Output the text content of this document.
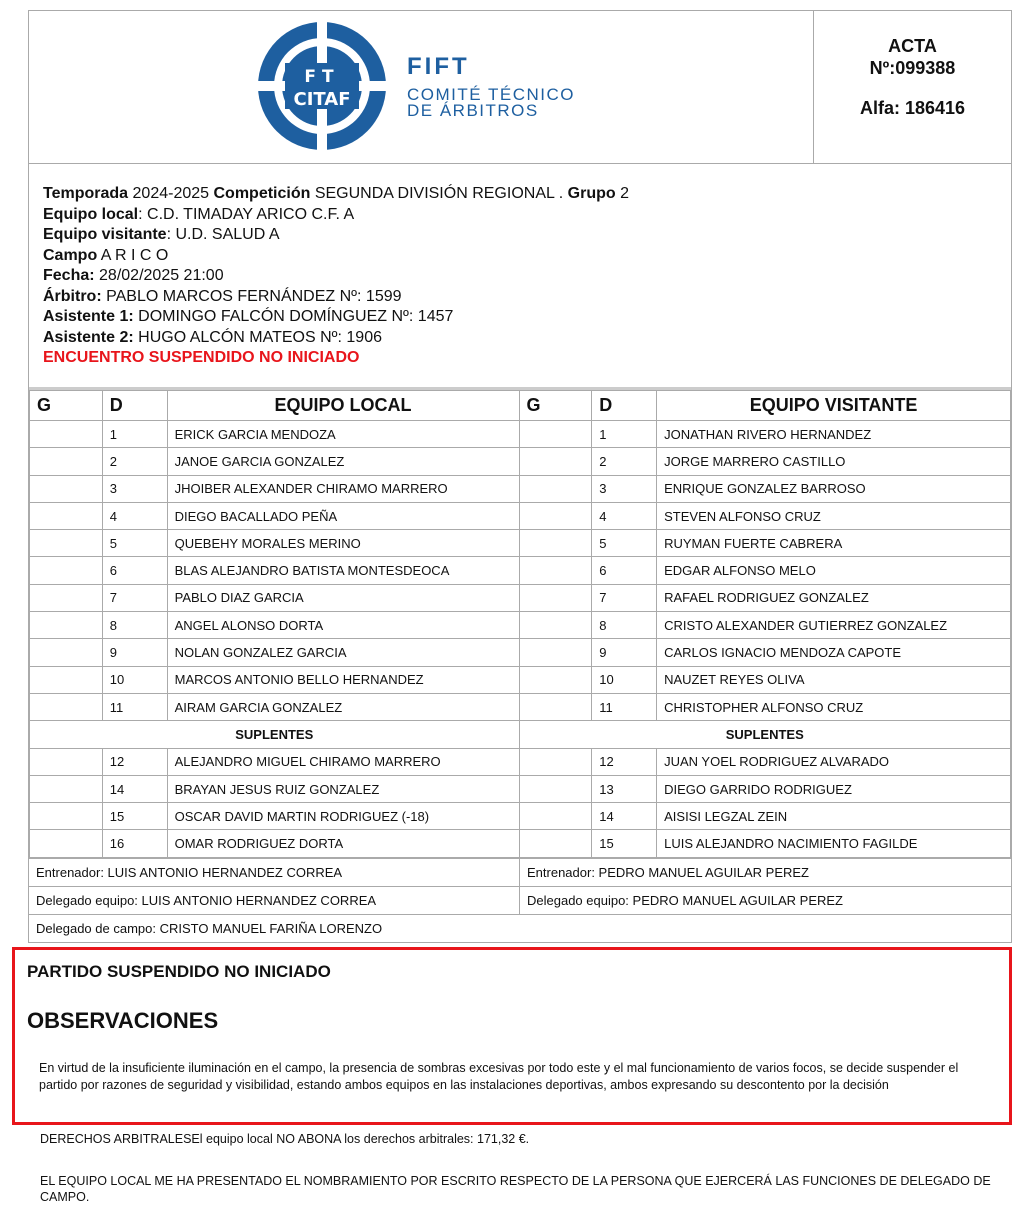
FT
CITAF
FIFT
COMITÉ TÉCNICO
DE ÁRBITROS
ACTA
Nº:099388
Alfa: 186416
Temporada 2024-2025 Competición SEGUNDA DIVISIÓN REGIONAL . Grupo 2
Equipo local: C.D. TIMADAY ARICO C.F. A
Equipo visitante: U.D. SALUD A
Campo A R I C O
Fecha: 28/02/2025 21:00
Árbitro: PABLO MARCOS FERNÁNDEZ Nº: 1599
Asistente 1: DOMINGO FALCÓN DOMÍNGUEZ Nº: 1457
Asistente 2: HUGO ALCÓN MATEOS Nº: 1906
ENCUENTRO SUSPENDIDO NO INICIADO
G	D	EQUIPO LOCAL	G	D	EQUIPO VISITANTE
	1	ERICK GARCIA MENDOZA		1	JONATHAN RIVERO HERNANDEZ
	2	JANOE GARCIA GONZALEZ		2	JORGE MARRERO CASTILLO
	3	JHOIBER ALEXANDER CHIRAMO MARRERO		3	ENRIQUE GONZALEZ BARROSO
	4	DIEGO BACALLADO PEÑA		4	STEVEN ALFONSO CRUZ
	5	QUEBEHY MORALES MERINO		5	RUYMAN FUERTE CABRERA
	6	BLAS ALEJANDRO BATISTA MONTESDEOCA		6	EDGAR ALFONSO MELO
	7	PABLO DIAZ GARCIA		7	RAFAEL RODRIGUEZ GONZALEZ
	8	ANGEL ALONSO DORTA		8	CRISTO ALEXANDER GUTIERREZ GONZALEZ
	9	NOLAN GONZALEZ GARCIA		9	CARLOS IGNACIO MENDOZA CAPOTE
	10	MARCOS ANTONIO BELLO HERNANDEZ		10	NAUZET REYES OLIVA
	11	AIRAM GARCIA GONZALEZ		11	CHRISTOPHER ALFONSO CRUZ
SUPLENTES			SUPLENTES		
	12	ALEJANDRO MIGUEL CHIRAMO MARRERO		12	JUAN YOEL RODRIGUEZ ALVARADO
	14	BRAYAN JESUS RUIZ GONZALEZ		13	DIEGO GARRIDO RODRIGUEZ
	15	OSCAR DAVID MARTIN RODRIGUEZ (-18)		14	AISISI LEGZAL ZEIN
	16	OMAR RODRIGUEZ DORTA		15	LUIS ALEJANDRO NACIMIENTO FAGILDE
Entrenador: LUIS ANTONIO HERNANDEZ CORREA	Entrenador: PEDRO MANUEL AGUILAR PEREZ
Delegado equipo: LUIS ANTONIO HERNANDEZ CORREA	Delegado equipo: PEDRO MANUEL AGUILAR PEREZ
Delegado de campo: CRISTO MANUEL FARIÑA LORENZO
PARTIDO SUSPENDIDO NO INICIADO
OBSERVACIONES
En virtud de la insuficiente iluminación en el campo, la presencia de sombras excesivas por todo este y el mal funcionamiento de varios focos, se decide suspender el partido por razones de seguridad y visibilidad, estando ambos equipos en las instalaciones deportivas, ambos expresando su descontento por la decisión
DERECHOS ARBITRALESEl equipo local NO ABONA los derechos arbitrales: 171,32 €.
EL EQUIPO LOCAL ME HA PRESENTADO EL NOMBRAMIENTO POR ESCRITO RESPECTO DE LA PERSONA QUE EJERCERÁ LAS FUNCIONES DE DELEGADO DE CAMPO.
